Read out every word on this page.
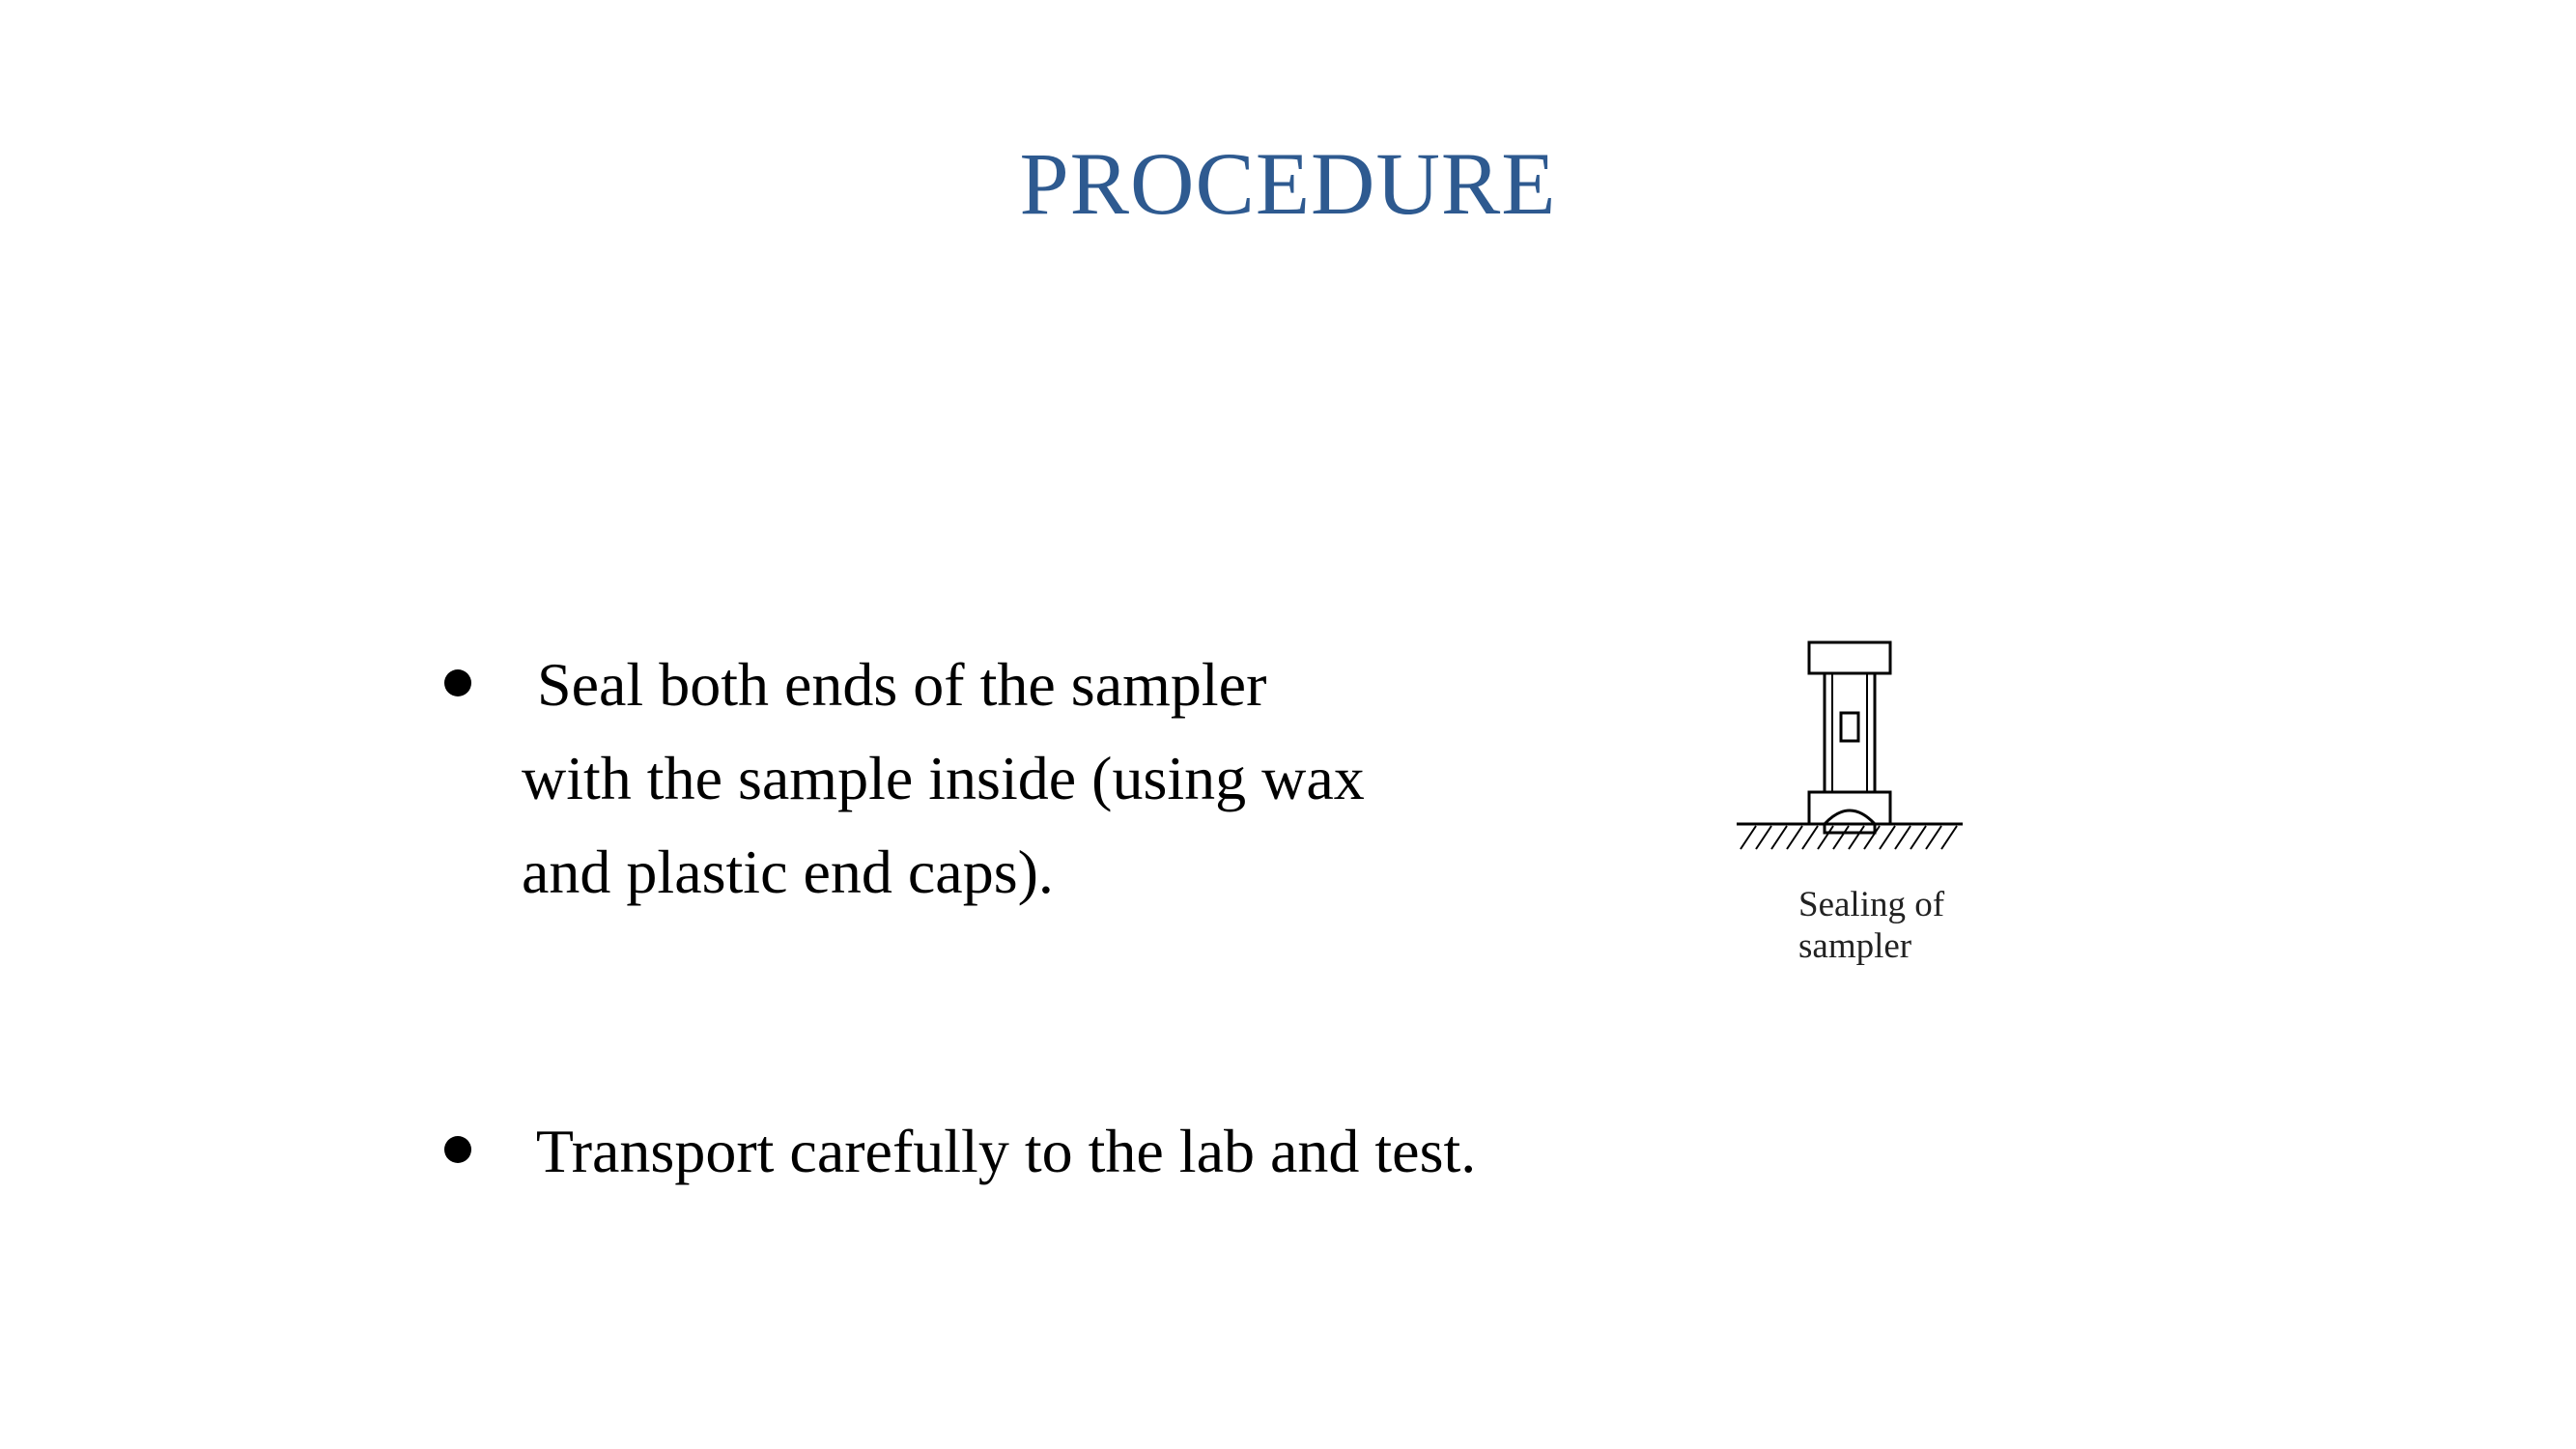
PROCEDURE
Seal both ends of the sampler
with the sample inside (using wax
and plastic end caps).
Transport carefully to the lab and test.
Sealing of
sampler
